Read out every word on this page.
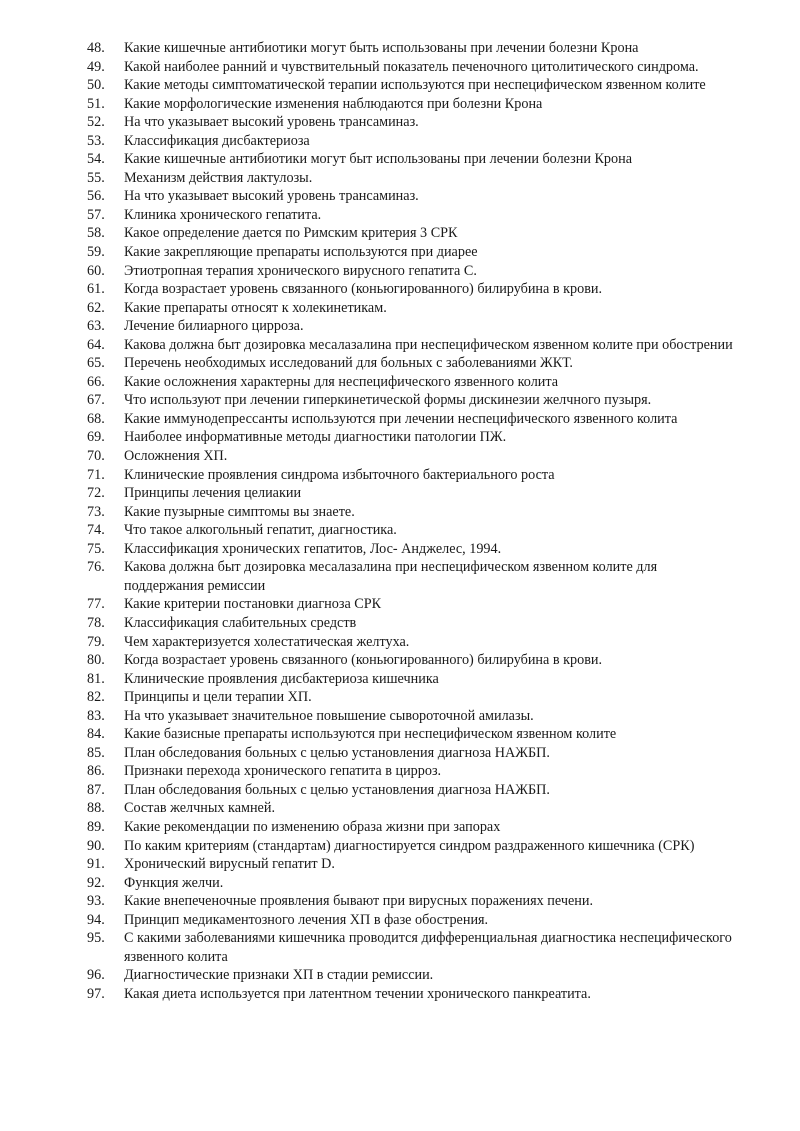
48. Какие кишечные антибиотики могут быть использованы при лечении болезни Крона
49. Какой наиболее ранний и чувствительный показатель печеночного цитолитического синдрома.
50. Какие методы симптоматической терапии используются при неспецифическом язвенном колите
51. Какие морфологические изменения наблюдаются при болезни Крона
52. На что указывает высокий уровень трансаминаз.
53. Классификация дисбактериоза
54. Какие кишечные антибиотики могут быт использованы при лечении болезни Крона
55. Механизм действия лактулозы.
56. На что указывает высокий уровень трансаминаз.
57. Клиника хронического гепатита.
58. Какое определение дается по Римским критерия 3 СРК
59. Какие закрепляющие препараты используются при диарее
60. Этиотропная терапия хронического вирусного гепатита С.
61. Когда возрастает уровень связанного (коньюгированного) билирубина в крови.
62. Какие препараты относят к холекинетикам.
63. Лечение билиарного цирроза.
64. Какова должна быт дозировка месалазалина при неспецифическом язвенном колите при обострении
65. Перечень необходимых исследований для больных с заболеваниями ЖКТ.
66. Какие осложнения характерны для неспецифического язвенного колита
67. Что используют при лечении гиперкинетической формы дискинезии желчного пузыря.
68. Какие иммунодепрессанты используются при лечении неспецифического язвенного колита
69. Наиболее информативные методы диагностики патологии ПЖ.
70. Осложнения ХП.
71. Клинические проявления синдрома избыточного бактериального роста
72. Принципы лечения целиакии
73. Какие пузырные симптомы вы знаете.
74. Что такое алкогольный гепатит, диагностика.
75. Классификация хронических гепатитов, Лос- Анджелес, 1994.
76. Какова должна быт дозировка месалазалина при неспецифическом язвенном колите для поддержания ремиссии
77. Какие критерии постановки диагноза СРК
78. Классификация слабительных средств
79. Чем характеризуется холестатическая желтуха.
80. Когда возрастает уровень связанного (коньюгированного) билирубина в крови.
81. Клинические проявления дисбактериоза кишечника
82. Принципы и цели терапии ХП.
83. На что указывает значительное повышение сывороточной амилазы.
84. Какие базисные препараты используются при неспецифическом язвенном колите
85. План обследования больных с целью установления диагноза НАЖБП.
86. Признаки перехода хронического гепатита в цирроз.
87. План обследования больных с целью установления диагноза НАЖБП.
88. Состав желчных камней.
89. Какие рекомендации по изменению образа жизни при запорах
90. По каким критериям (стандартам) диагностируется синдром раздраженного кишечника (СРК)
91. Хронический вирусный гепатит D.
92. Функция желчи.
93. Какие внепеченочные проявления бывают при вирусных поражениях печени.
94. Принцип медикаментозного лечения ХП в фазе обострения.
95. С какими заболеваниями кишечника проводится дифференциальная диагностика неспецифического язвенного колита
96. Диагностические признаки ХП в стадии ремиссии.
97. Какая диета используется при латентном течении хронического панкреатита.
